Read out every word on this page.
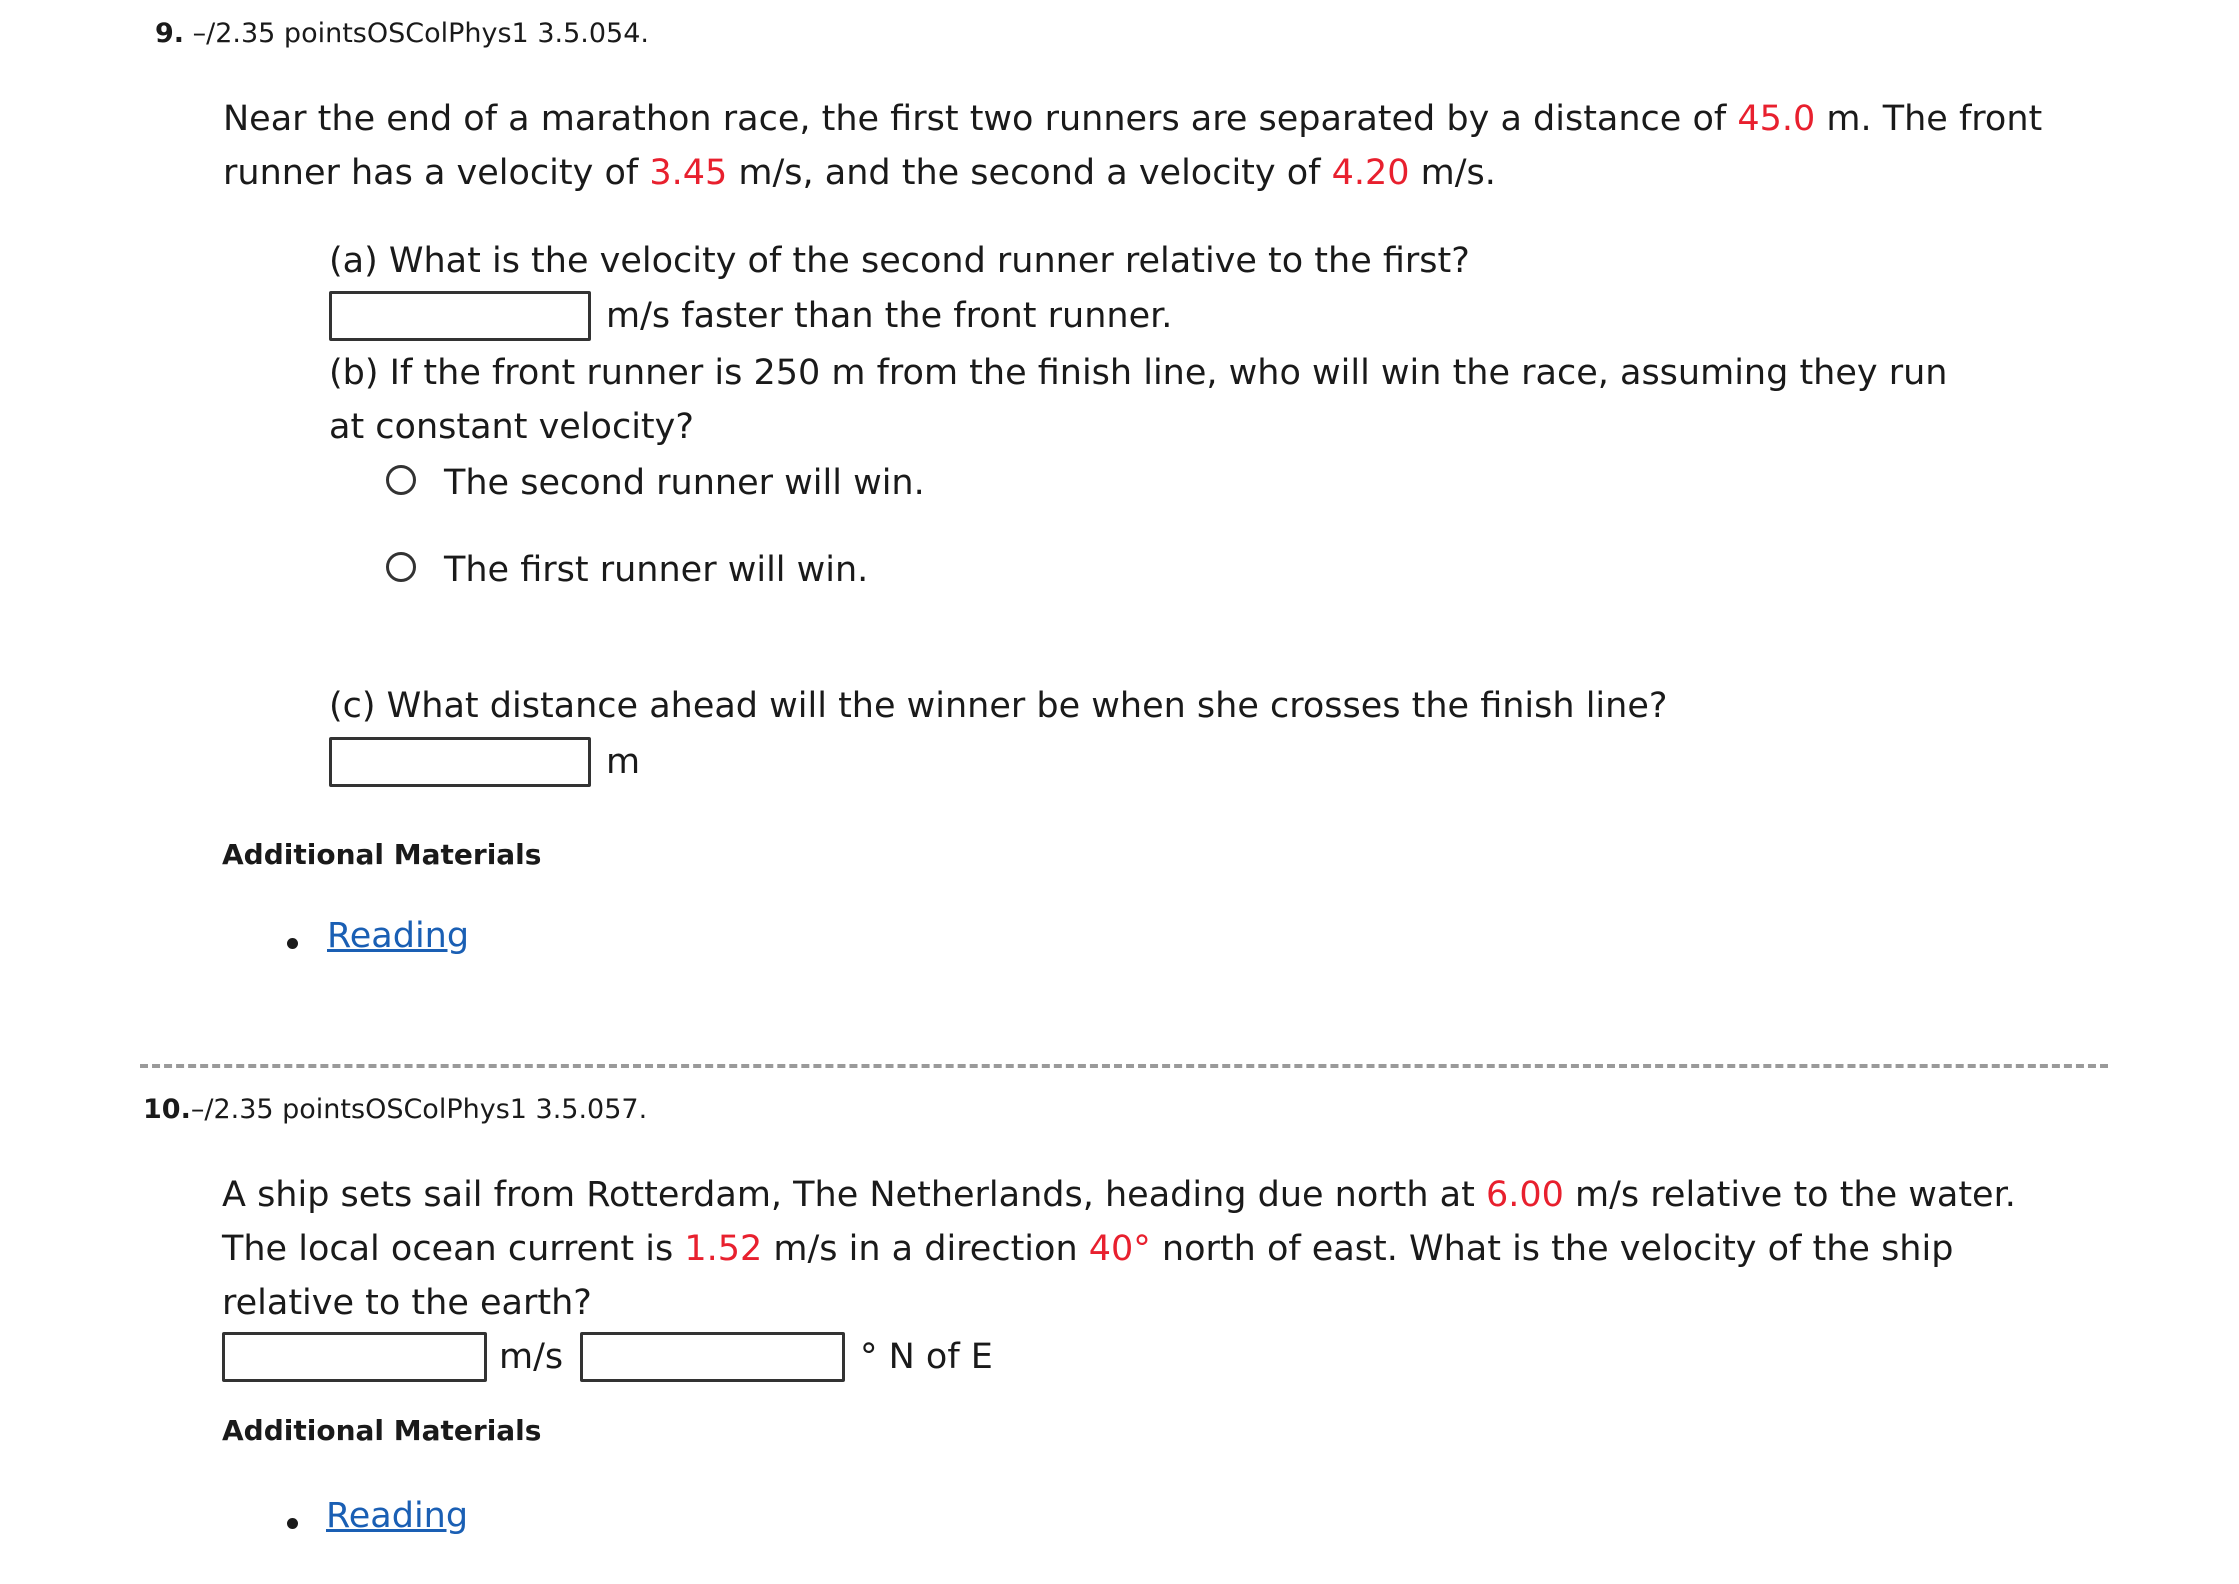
9. –/2.35 pointsOSColPhys1 3.5.054.
Near the end of a marathon race, the first two runners are separated by a distance of 45.0 m. The front
runner has a velocity of 3.45 m/s, and the second a velocity of 4.20 m/s.
(a) What is the velocity of the second runner relative to the first?
m/s faster than the front runner.
(b) If the front runner is 250 m from the finish line, who will win the race, assuming they run
at constant velocity?
The second runner will win.
The first runner will win.
(c) What distance ahead will the winner be when she crosses the finish line?
m
Additional Materials
Reading
10.–/2.35 pointsOSColPhys1 3.5.057.
A ship sets sail from Rotterdam, The Netherlands, heading due north at 6.00 m/s relative to the water.
The local ocean current is 1.52 m/s in a direction 40° north of east. What is the velocity of the ship
relative to the earth?
m/s	° N of E
Additional Materials
Reading
